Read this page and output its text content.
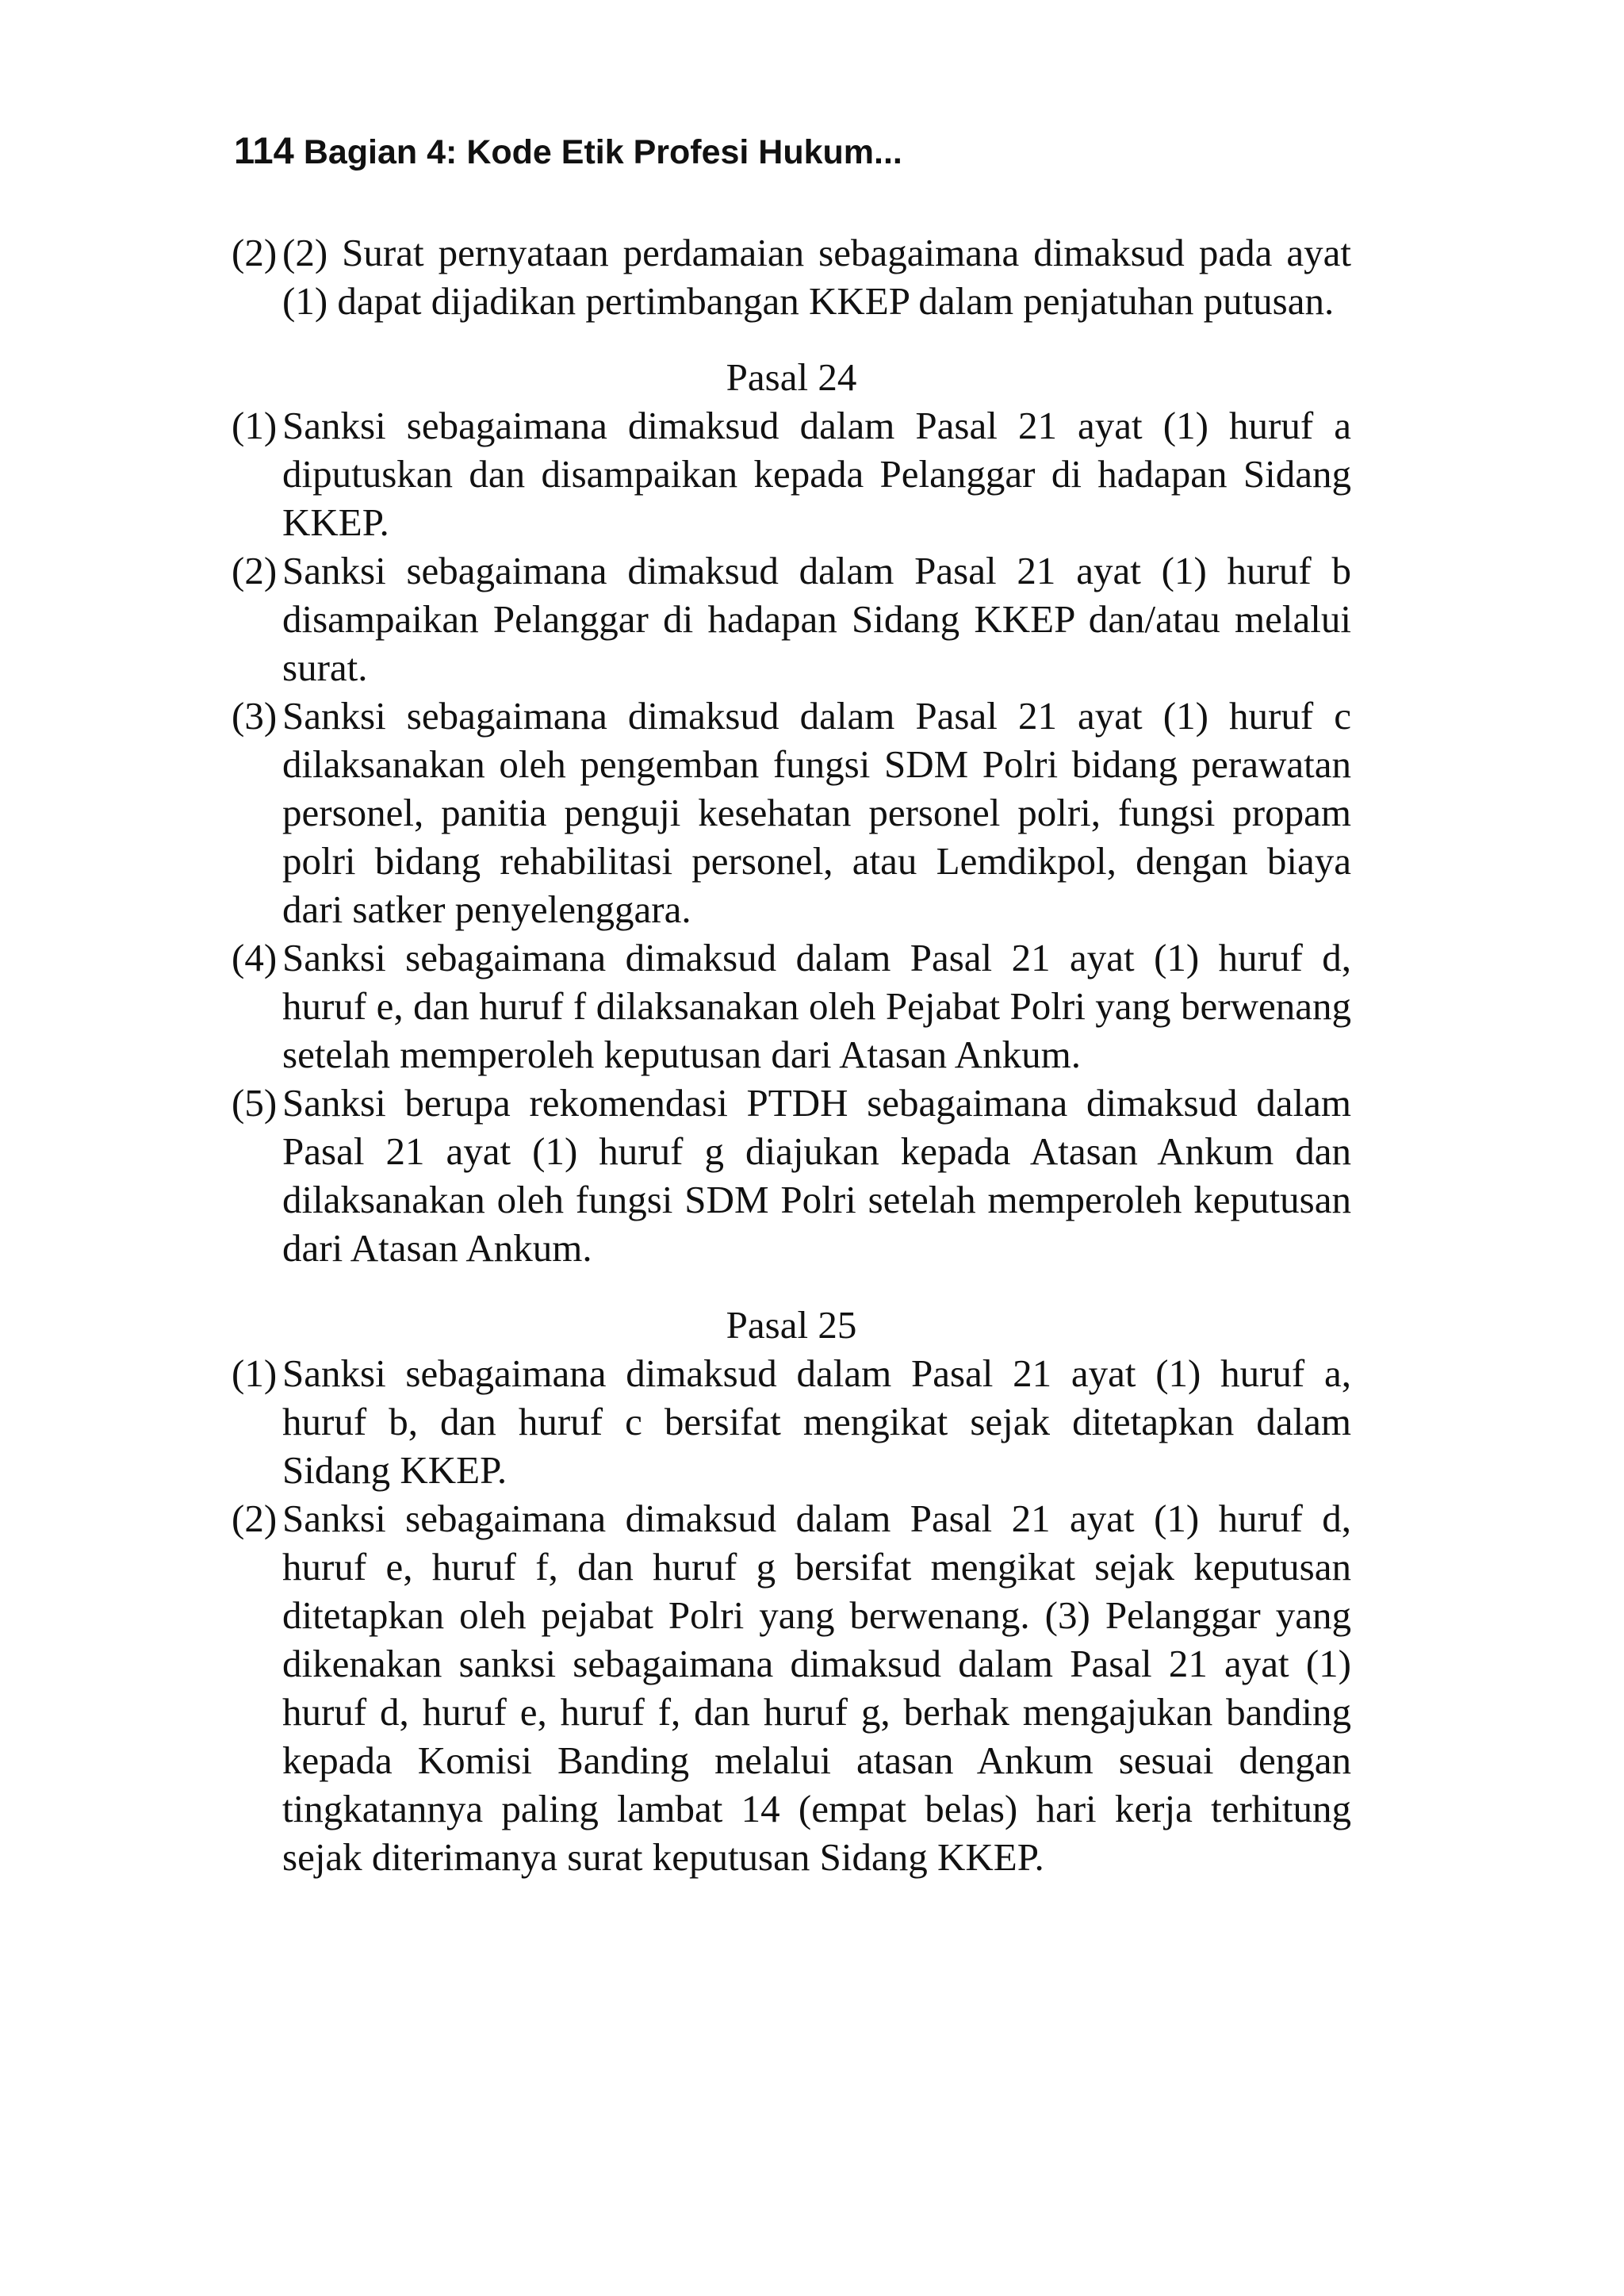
114 Bagian 4: Kode Etik Profesi Hukum...

(2) (2) Surat pernyataan perdamaian sebagaimana dimaksud pada ayat (1) dapat dijadikan pertimbangan KKEP dalam penjatuhan putusan.

Pasal 24

(1) Sanksi sebagaimana dimaksud dalam Pasal 21 ayat (1) huruf a diputuskan dan disampaikan kepada Pelanggar di hadapan Sidang KKEP.

(2) Sanksi sebagaimana dimaksud dalam Pasal 21 ayat (1) huruf b disampaikan Pelanggar di hadapan Sidang KKEP dan/atau melalui surat.

(3) Sanksi sebagaimana dimaksud dalam Pasal 21 ayat (1) huruf c dilaksanakan oleh pengemban fungsi SDM Polri bidang perawatan personel, panitia penguji kesehatan personel polri, fungsi propam polri bidang rehabilitasi personel, atau Lemdikpol, dengan biaya dari satker penyelenggara.

(4) Sanksi sebagaimana dimaksud dalam Pasal 21 ayat (1) huruf d, huruf e, dan huruf f dilaksanakan oleh Pejabat Polri yang berwenang setelah memperoleh keputusan dari Atasan Ankum.

(5) Sanksi berupa rekomendasi PTDH sebagaimana dimaksud dalam Pasal 21 ayat (1) huruf g diajukan kepada Atasan Ankum dan dilaksanakan oleh fungsi SDM Polri setelah memperoleh keputusan dari Atasan Ankum.

Pasal 25

(1) Sanksi sebagaimana dimaksud dalam Pasal 21 ayat (1) huruf a, huruf b, dan huruf c bersifat mengikat sejak ditetapkan dalam Sidang KKEP.

(2) Sanksi sebagaimana dimaksud dalam Pasal 21 ayat (1) huruf d, huruf e, huruf f, dan huruf g bersifat mengikat sejak keputusan ditetapkan oleh pejabat Polri yang berwenang. (3) Pelanggar yang dikenakan sanksi sebagaimana dimaksud dalam Pasal 21 ayat (1) huruf d, huruf e, huruf f, dan huruf g, berhak mengajukan banding kepada Komisi Banding melalui atasan Ankum sesuai dengan tingkatannya paling lambat 14 (empat belas) hari kerja terhitung sejak diterimanya surat keputusan Sidang KKEP.
